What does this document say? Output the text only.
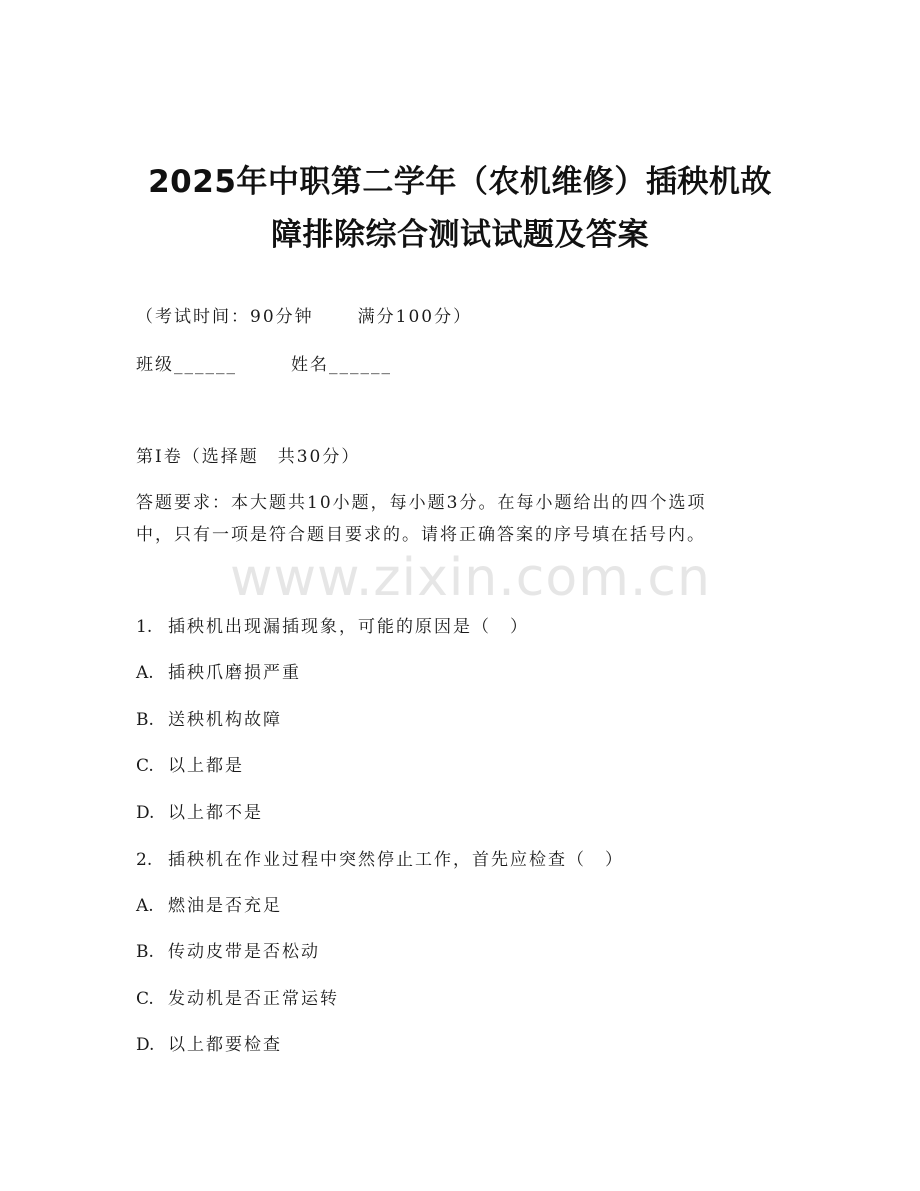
2025年中职第二学年（农机维修）插秧机故
障排除综合测试试题及答案
（考试时间：90分钟	满分100分）
班级______	姓名______
第Ⅰ卷（选择题　共30分）
答题要求：本大题共10小题，每小题3分。在每小题给出的四个选项
中，只有一项是符合题目要求的。请将正确答案的序号填在括号内。
www.zixin.com.cn
1. 插秧机出现漏插现象，可能的原因是（　）
A. 插秧爪磨损严重
B. 送秧机构故障
C. 以上都是
D. 以上都不是
2. 插秧机在作业过程中突然停止工作，首先应检查（　）
A. 燃油是否充足
B. 传动皮带是否松动
C. 发动机是否正常运转
D. 以上都要检查
